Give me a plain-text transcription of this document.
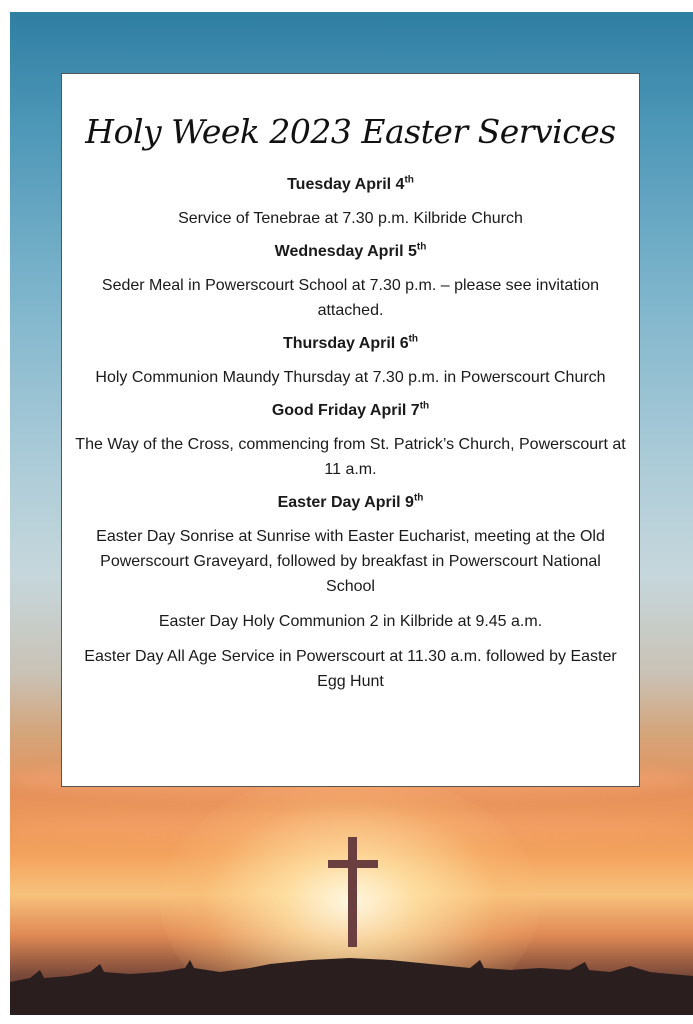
Holy Week 2023 Easter Services

Tuesday April 4th

Service of Tenebrae at 7.30 p.m. Kilbride Church

Wednesday April 5th

Seder Meal in Powerscourt School at 7.30 p.m. – please see invitation attached.

Thursday April 6th

Holy Communion Maundy Thursday at 7.30 p.m. in Powerscourt Church

Good Friday April 7th

The Way of the Cross, commencing from St. Patrick’s Church, Powerscourt at 11 a.m.

Easter Day April 9th

Easter Day Sonrise at Sunrise with Easter Eucharist, meeting at the Old Powerscourt Graveyard, followed by breakfast in Powerscourt National School

Easter Day Holy Communion 2 in Kilbride at 9.45 a.m.

Easter Day All Age Service in Powerscourt at 11.30 a.m. followed by Easter Egg Hunt
